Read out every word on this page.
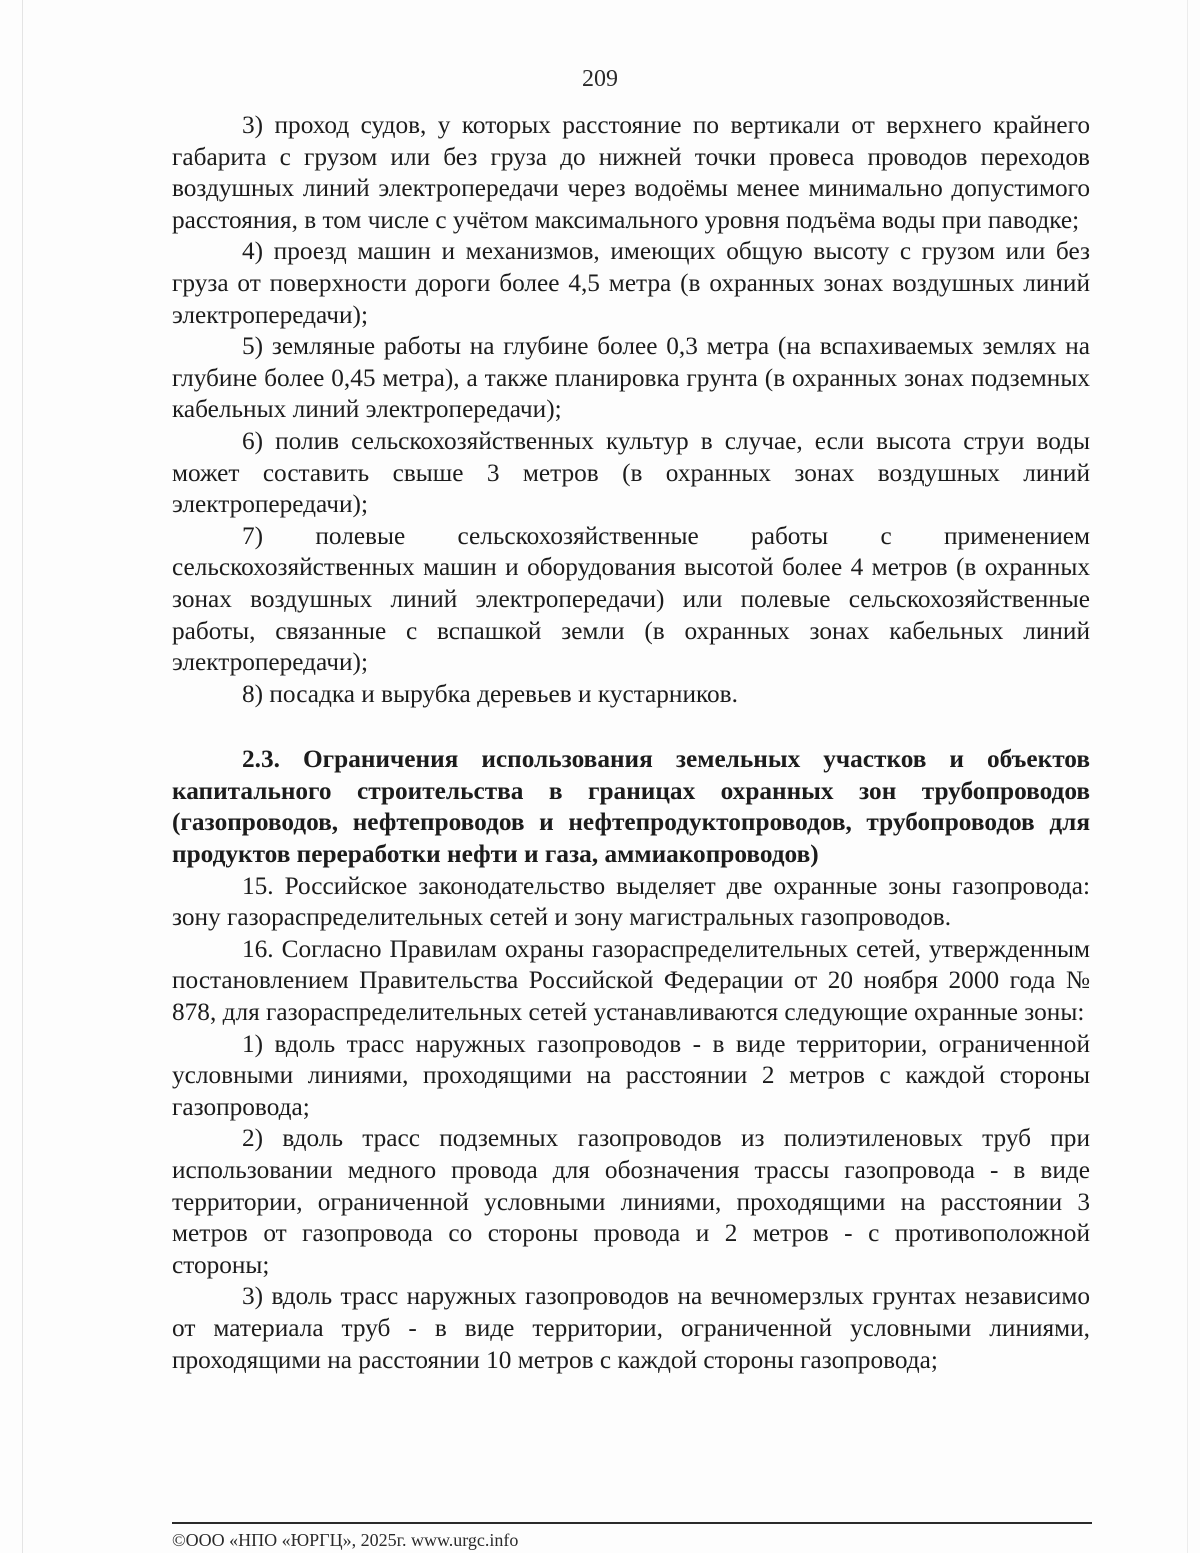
209

3) проход судов, у которых расстояние по вертикали от верхнего крайнего габарита с грузом или без груза до нижней точки провеса проводов переходов воздушных линий электропередачи через водоёмы менее минимально допустимого расстояния, в том числе с учётом максимального уровня подъёма воды при паводке;

4) проезд машин и механизмов, имеющих общую высоту с грузом или без груза от поверхности дороги более 4,5 метра (в охранных зонах воздушных линий электропередачи);

5) земляные работы на глубине более 0,3 метра (на вспахиваемых землях на глубине более 0,45 метра), а также планировка грунта (в охранных зонах подземных кабельных линий электропередачи);

6) полив сельскохозяйственных культур в случае, если высота струи воды может составить свыше 3 метров (в охранных зонах воздушных линий электропередачи);

7) полевые сельскохозяйственные работы с применением сельскохозяйственных машин и оборудования высотой более 4 метров (в охранных зонах воздушных линий электропередачи) или полевые сельскохозяйственные работы, связанные с вспашкой земли (в охранных зонах кабельных линий электропередачи);

8) посадка и вырубка деревьев и кустарников.

2.3. Ограничения использования земельных участков и объектов капитального строительства в границах охранных зон трубопроводов (газопроводов, нефтепроводов и нефтепродуктопроводов, трубопроводов для продуктов переработки нефти и газа, аммиакопроводов)

15. Российское законодательство выделяет две охранные зоны газопровода: зону газораспределительных сетей и зону магистральных газопроводов.

16. Согласно Правилам охраны газораспределительных сетей, утвержденным постановлением Правительства Российской Федерации от 20 ноября 2000 года № 878, для газораспределительных сетей устанавливаются следующие охранные зоны:

1) вдоль трасс наружных газопроводов - в виде территории, ограниченной условными линиями, проходящими на расстоянии 2 метров с каждой стороны газопровода;

2) вдоль трасс подземных газопроводов из полиэтиленовых труб при использовании медного провода для обозначения трассы газопровода - в виде территории, ограниченной условными линиями, проходящими на расстоянии 3 метров от газопровода со стороны провода и 2 метров - с противоположной стороны;

3) вдоль трасс наружных газопроводов на вечномерзлых грунтах независимо от материала труб - в виде территории, ограниченной условными линиями, проходящими на расстоянии 10 метров с каждой стороны газопровода;

©ООО «НПО «ЮРГЦ», 2025г. www.urgc.info
